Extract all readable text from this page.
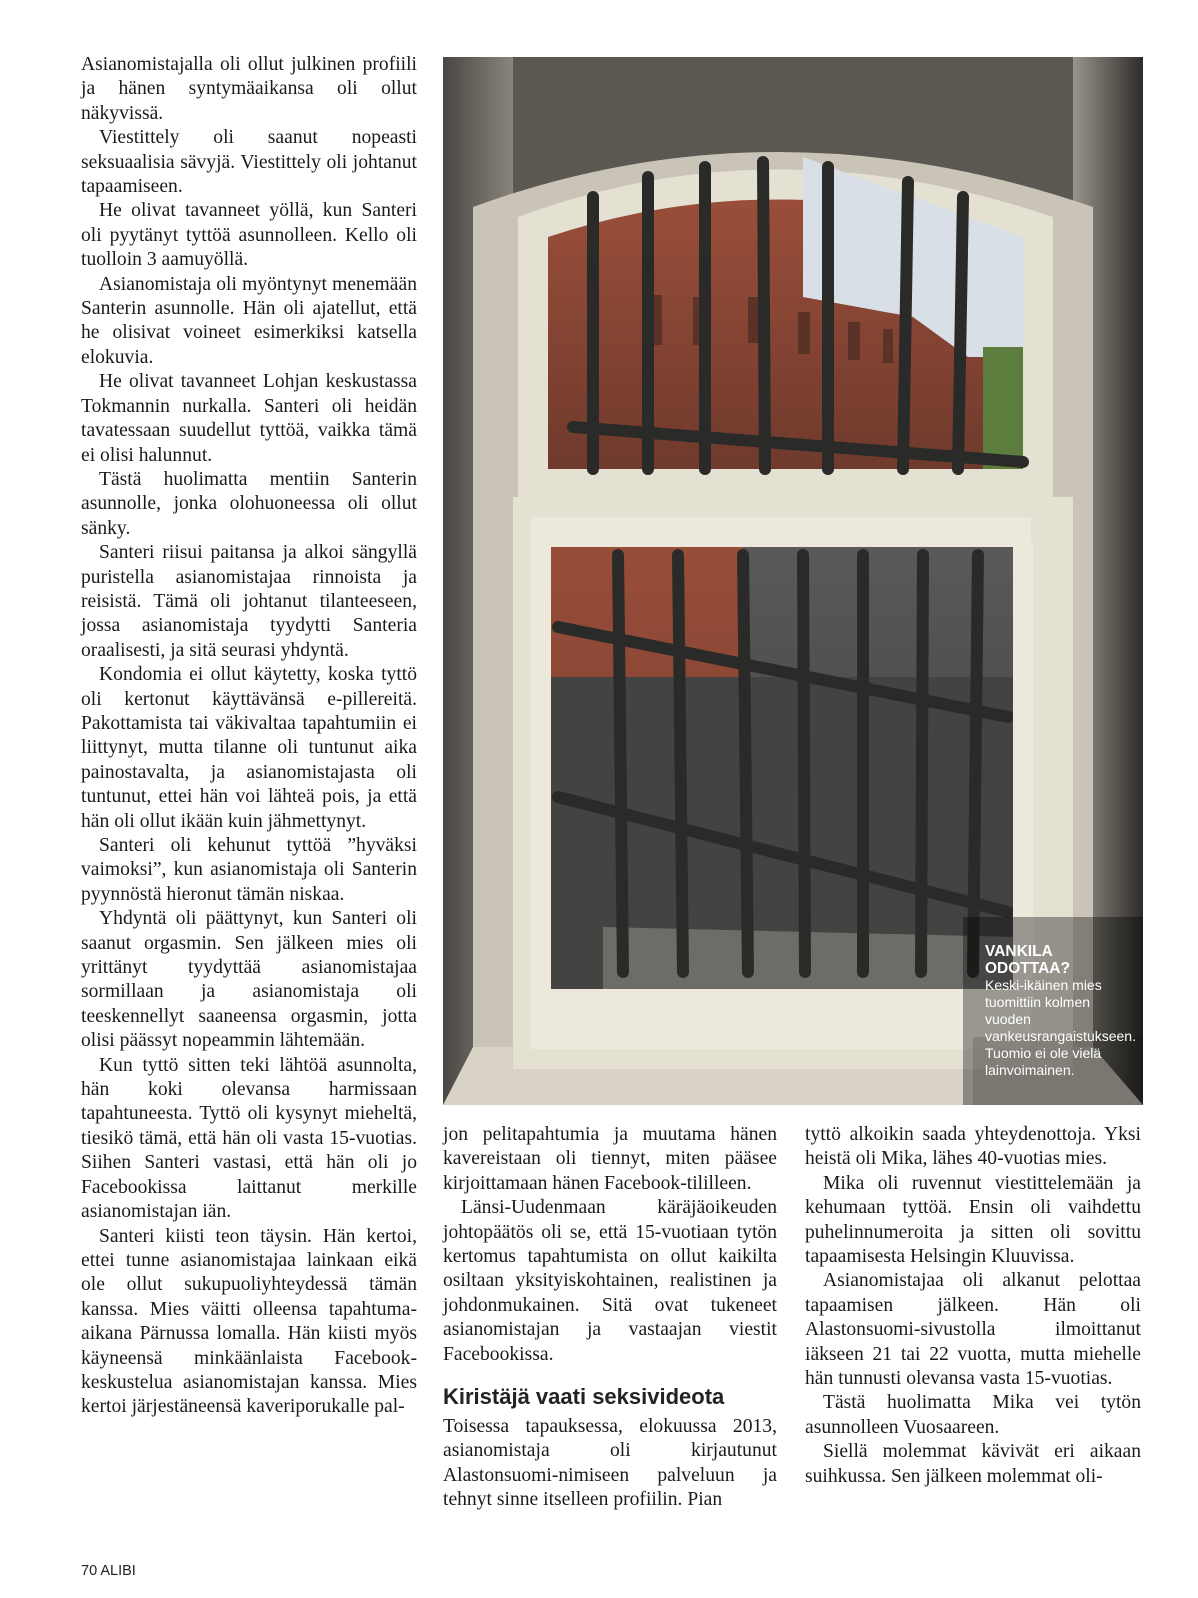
Asianomistajalla oli ollut julkinen profiili ja hänen syntymäaikansa oli ollut näkyvissä.

Viestittely oli saanut nopeasti seksuaalisia sävyjä. Viestittely oli johtanut tapaamiseen.

He olivat tavanneet yöllä, kun Santeri oli pyytänyt tyttöä asunnolleen. Kello oli tuolloin 3 aamuyöllä.

Asianomistaja oli myöntynyt menemään Santerin asunnolle. Hän oli ajatellut, että he olisivat voineet esimerkiksi katsella elokuvia.

He olivat tavanneet Lohjan keskustassa Tokmannin nurkalla. Santeri oli heidän tavatessaan suudellut tyttöä, vaikka tämä ei olisi halunnut.

Tästä huolimatta mentiin Santerin asunnolle, jonka olohuoneessa oli ollut sänky.

Santeri riisui paitansa ja alkoi sängyllä puristella asianomistajaa rinnoista ja reisistä. Tämä oli johtanut tilanteeseen, jossa asianomistaja tyydytti Santeria oraalisesti, ja sitä seurasi yhdyntä.

Kondomia ei ollut käytetty, koska tyttö oli kertonut käyttävänsä e-pillereitä. Pakottamista tai väkivaltaa tapahtumiin ei liittynyt, mutta tilanne oli tuntunut aika painostavalta, ja asianomistajasta oli tuntunut, ettei hän voi lähteä pois, ja että hän oli ollut ikään kuin jähmettynyt.

Santeri oli kehunut tyttöä ”hyväksi vaimoksi”, kun asianomistaja oli Santerin pyynnöstä hieronut tämän niskaa.

Yhdyntä oli päättynyt, kun Santeri oli saanut orgasmin. Sen jälkeen mies oli yrittänyt tyydyttää asianomistajaa sormillaan ja asianomistaja oli teeskennellyt saaneensa orgasmin, jotta olisi päässyt nopeammin lähtemään.

Kun tyttö sitten teki lähtöä asunnolta, hän koki olevansa harmissaan tapahtuneesta. Tyttö oli kysynyt mieheltä, tiesikö tämä, että hän oli vasta 15-vuotias. Siihen Santeri vastasi, että hän oli jo Facebookissa laittanut merkille asianomistajan iän.

Santeri kiisti teon täysin. Hän kertoi, ettei tunne asianomistajaa lainkaan eikä ole ollut sukupuoliyhteydessä tämän kanssa. Mies väitti olleensa tapahtuma-aikana Pärnussa lomalla. Hän kiisti myös käyneensä minkäänlaista Facebook-keskustelua asianomistajan kanssa. Mies kertoi järjestäneensä kaveriporukalle pal-

VANKILA
ODOTTAA?
Keski-ikäinen mies tuomittiin kolmen vuoden vankeusrangaistukseen. Tuomio ei ole vielä lainvoimainen.

jon pelitapahtumia ja muutama hänen kavereistaan oli tiennyt, miten pääsee kirjoittamaan hänen Facebook-tililleen.

Länsi-Uudenmaan käräjäoikeuden johtopäätös oli se, että 15-vuotiaan tytön kertomus tapahtumista on ollut kaikilta osiltaan yksityiskohtainen, realistinen ja johdonmukainen. Sitä ovat tukeneet asianomistajan ja vastaajan viestit Facebookissa.

Kiristäjä vaati seksivideota

Toisessa tapauksessa, elokuussa 2013, asianomistaja oli kirjautunut Alastonsuomi-nimiseen palveluun ja tehnyt sinne itselleen profiilin. Pian

tyttö alkoikin saada yhteydenottoja. Yksi heistä oli Mika, lähes 40-vuotias mies.

Mika oli ruvennut viestittelemään ja kehumaan tyttöä. Ensin oli vaihdettu puhelinnumeroita ja sitten oli sovittu tapaamisesta Helsingin Kluuvissa.

Asianomistajaa oli alkanut pelottaa tapaamisen jälkeen. Hän oli Alastonsuomi-sivustolla ilmoittanut iäkseen 21 tai 22 vuotta, mutta miehelle hän tunnusti olevansa vasta 15-vuotias.

Tästä huolimatta Mika vei tytön asunnolleen Vuosaareen.

Siellä molemmat kävivät eri aikaan suihkussa. Sen jälkeen molemmat oli-

70 ALIBI
